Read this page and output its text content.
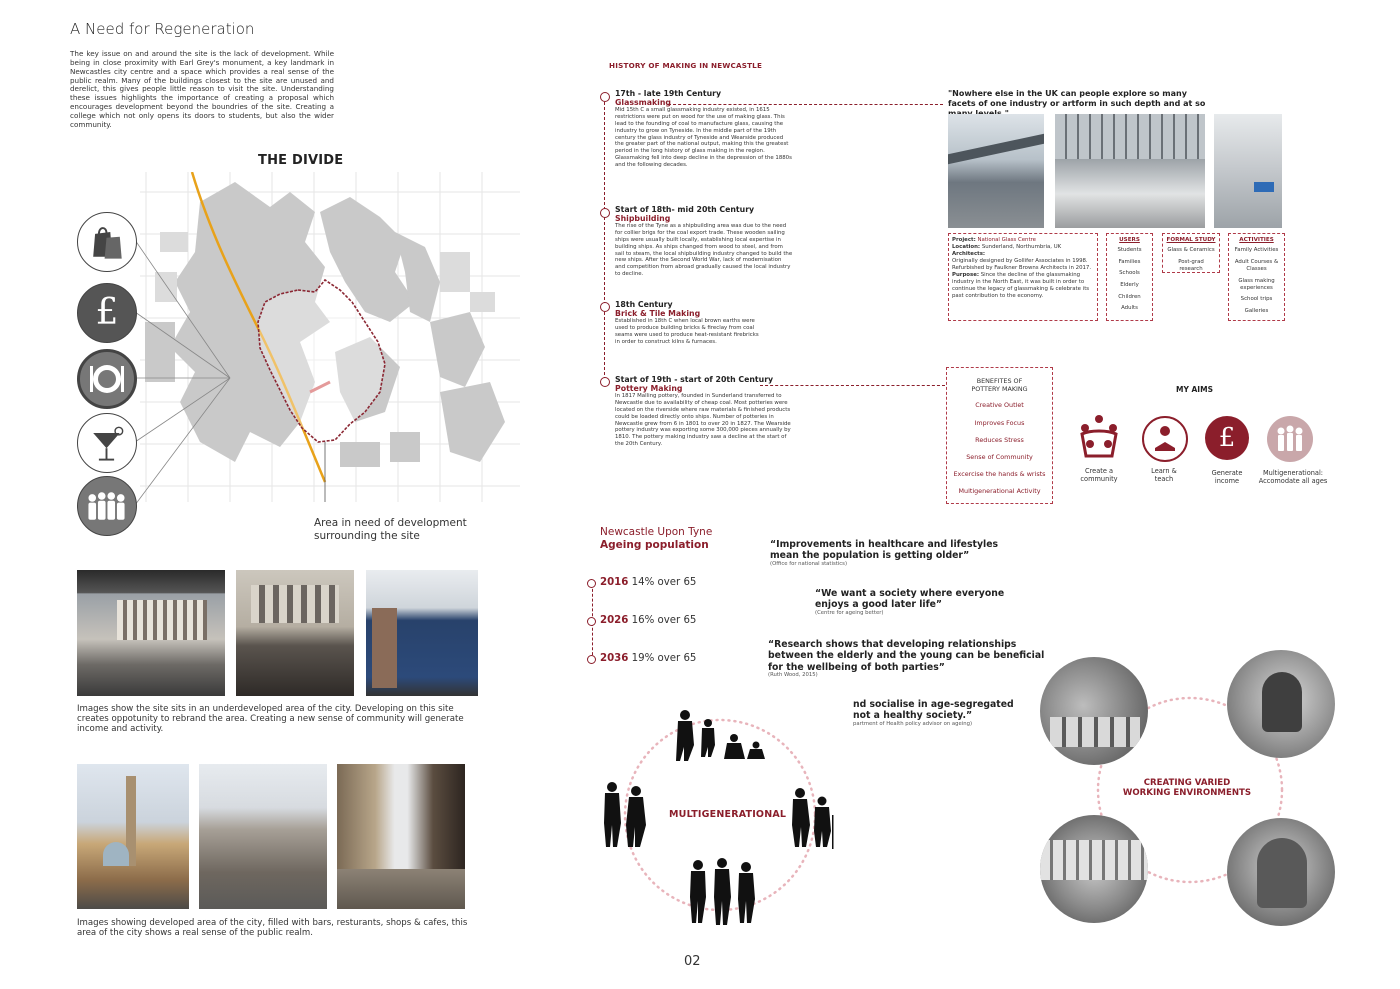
A Need for Regeneration
The key issue on and around the site is the lack of development. While being in close proximity with Earl Grey's monument, a key landmark in Newcastles city centre and a space which provides a real sense of the public realm. Many of the buildings closest to the site are unused and derelict, this gives people little reason to visit the site. Understanding these issues highlights the importance of creating a proposal which encourages development beyond the boundries of the site. Creating a college which not only opens its doors to students, but also the wider community.
THE DIVIDE
£
Area in need of development
surrounding the site
Images show the site sits in an underdeveloped area of the city. Developing on this site creates oppotunity to rebrand the area. Creating a new sense of community will generate income and activity.
Images showing developed area of the city, filled with bars, resturants, shops & cafes, this area of the city shows a real sense of the public realm.
HISTORY OF MAKING IN NEWCASTLE
17th - late 19th Century
Glassmaking
Mid 15th C a small glassmaking industry existed, in 1615 restrictions were put on wood for the use of making glass. This lead to the founding of coal to manufacture glass, causing the industry to grow on Tyneside. In the middle part of the 19th century the glass industry of Tyneside and Wearside produced the greater part of the national output, making this the greatest period in the long history of glass making in the region. Glassmaking fell into deep decline in the depression of the 1880s and the following decades.
Start of 18th- mid 20th Century
Shipbuilding
The rise of the Tyne as a shipbuilding area was due to the need for collier brigs for the coal export trade. These wooden sailing ships were usually built locally, establishing local expertise in building ships. As ships changed from wood to steel, and from sail to steam, the local shipbuilding industry changed to build the new ships. After the Second World War, lack of modernisation and competition from abroad gradually caused the local industry to decline.
18th Century
Brick & Tile Making
Established in 18th C when local brown earths were used to produce building bricks & fireclay from coal seams were used to produce heat-resistant firebricks in order to construct kilns & furnaces.
Start of 19th - start of 20th Century
Pottery Making
In 1817 Malling pottery, founded in Sunderland transferred to Newcastle due to availability of cheap coal. Most potteries were located on the riverside where raw materials & finished products could be loaded directly onto ships. Number of potteries in Newcastle grew from 6 in 1801 to over 20 in 1827. The Wearside pottery industry was exporting some 300,000 pieces annually by 1810. The pottery making industry saw a decline at the start of the 20th Century.
"Nowhere else in the UK can people explore so many facets of one industry or artform in such depth and at so
Project: National Glass Centre
Location: Sunderland, Northumbria, UK
Architects:
Originally designed by Gollifer Associates in 1998. Refurbished by Faulkner Browns Architects in 2017.
Purpose: Since the decline of the glassmaking industry in the North East, it was built in order to continue the legacy of glassmaking & celebrate its past contribution to the economy.
USERS
Students
Families
Schools
Elderly
Children
Adults
FORMAL STUDY
Glass & Ceramics
Post-grad research
ACTIVITIES
Family Activities
Adult Courses & Classes
Glass making experiences
School trips
Galleries
BENEFITES OF
POTTERY MAKING
Creative Outlet
Improves Focus
Reduces Stress
Sense of Community
Excercise the hands & wrists
Multigenerational Activity
MY AIMS
£
Create a
community
Learn &
teach
Generate
income
Multigenerational:
Accomodate all ages
Newcastle Upon Tyne
Ageing population
2016 14% over 65
2026 16% over 65
2036 19% over 65
“Improvements in healthcare and lifestyles
mean the population is getting older”
(Office for national statistics)
“We want a society where everyone
enjoys a good later life”
(Centre for ageing better)
“Research shows that developing relationships
between the elderly and the young can be beneficial
for the wellbeing of both parties”
(Ruth Wood, 2015)
nd socialise in age-segregated
not a healthy society.”
partment of Health policy advisor on ageing)
MULTIGENERATIONAL
CREATING VARIED
WORKING ENVIRONMENTS
02
